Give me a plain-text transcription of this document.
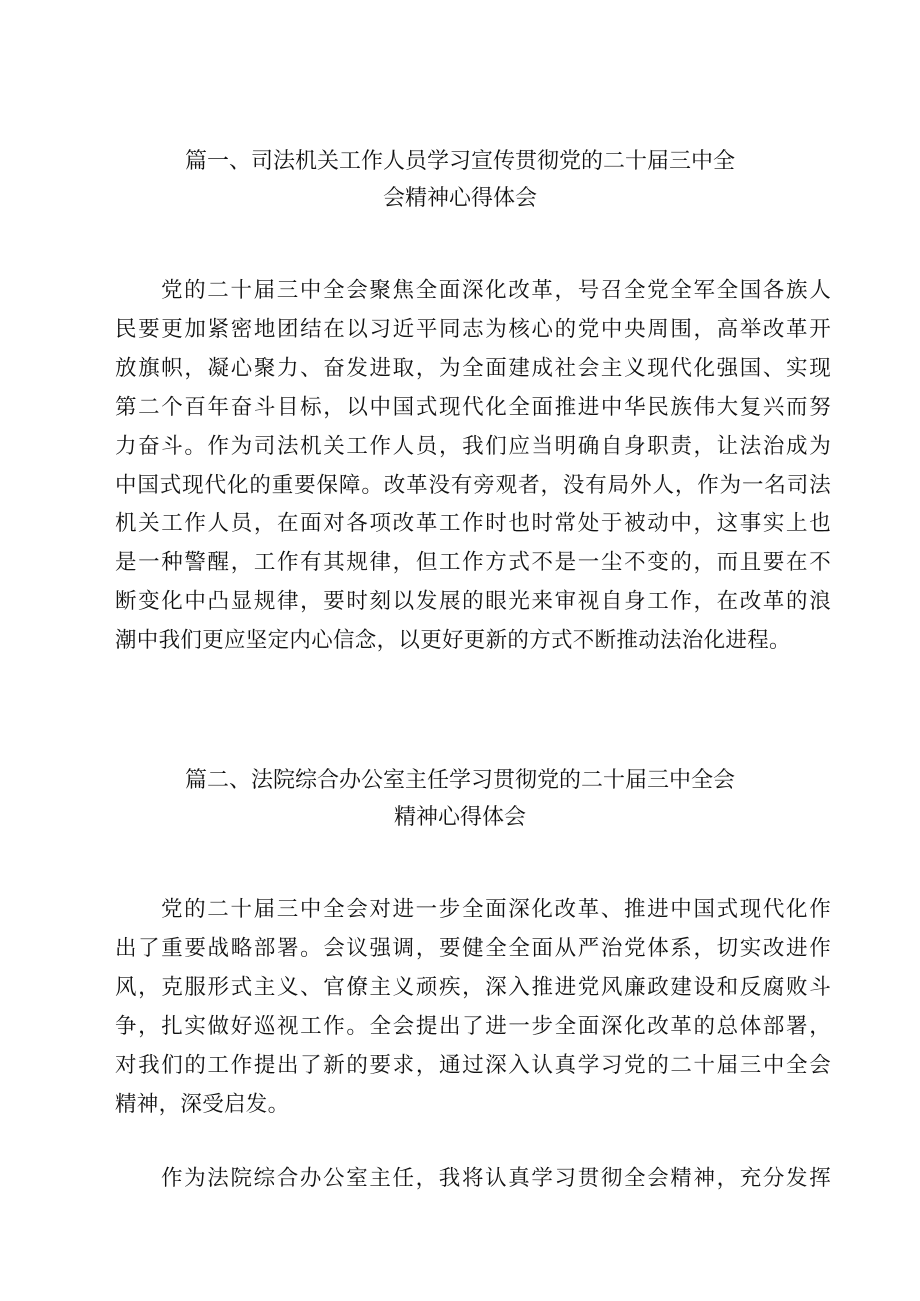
篇一、司法机关工作人员学习宣传贯彻党的二十届三中全
会精神心得体会
党的二十届三中全会聚焦全面深化改革，号召全党全军全国各族人
民要更加紧密地团结在以习近平同志为核心的党中央周围，高举改革开
放旗帜，凝心聚力、奋发进取，为全面建成社会主义现代化强国、实现
第二个百年奋斗目标，以中国式现代化全面推进中华民族伟大复兴而努
力奋斗。作为司法机关工作人员，我们应当明确自身职责，让法治成为
中国式现代化的重要保障。改革没有旁观者，没有局外人，作为一名司法
机关工作人员，在面对各项改革工作时也时常处于被动中，这事实上也
是一种警醒，工作有其规律，但工作方式不是一尘不变的，而且要在不
断变化中凸显规律，要时刻以发展的眼光来审视自身工作，在改革的浪
潮中我们更应坚定内心信念，以更好更新的方式不断推动法治化进程。
篇二、法院综合办公室主任学习贯彻党的二十届三中全会
精神心得体会
党的二十届三中全会对进一步全面深化改革、推进中国式现代化作
出了重要战略部署。会议强调，要健全全面从严治党体系，切实改进作
风，克服形式主义、官僚主义顽疾，深入推进党风廉政建设和反腐败斗
争，扎实做好巡视工作。全会提出了进一步全面深化改革的总体部署，
对我们的工作提出了新的要求，通过深入认真学习党的二十届三中全会
精神，深受启发。
作为法院综合办公室主任，我将认真学习贯彻全会精神，充分发挥
